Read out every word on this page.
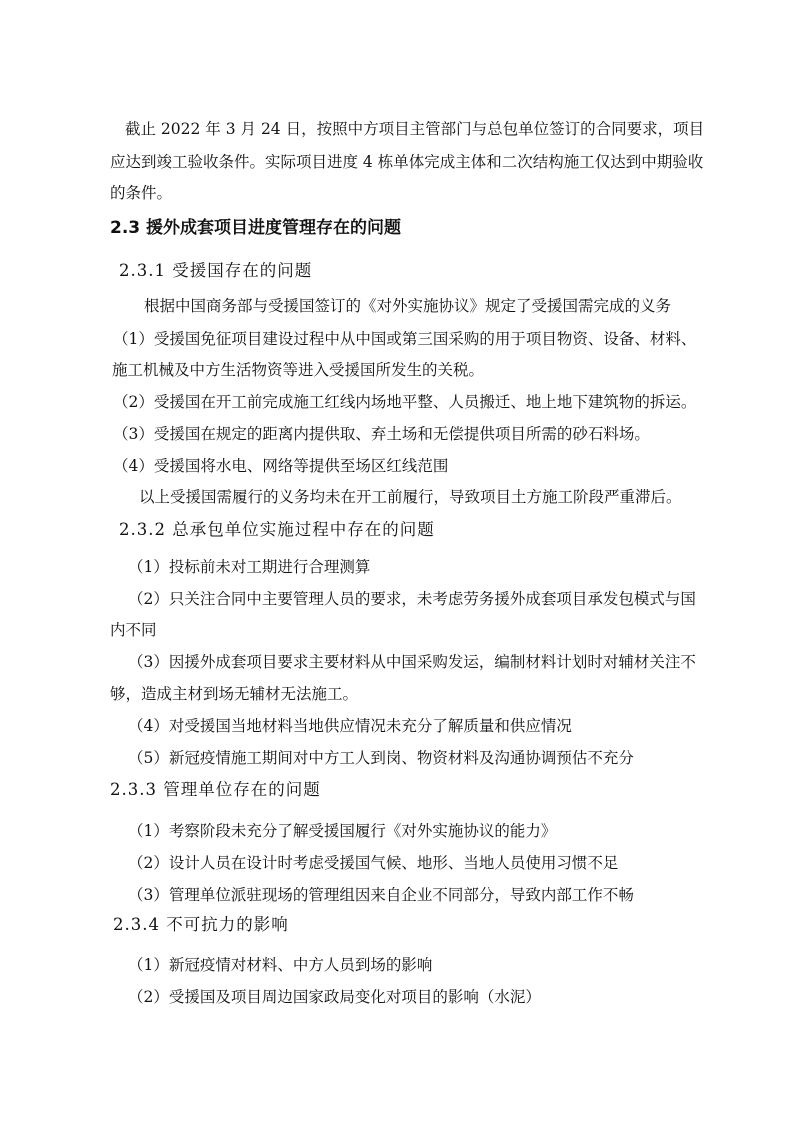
截止 2022 年 3 月 24 日，按照中方项目主管部门与总包单位签订的合同要求，项目
应达到竣工验收条件。实际项目进度 4 栋单体完成主体和二次结构施工仅达到中期验收
的条件。
2.3 援外成套项目进度管理存在的问题
2.3.1 受援国存在的问题
根据中国商务部与受援国签订的《对外实施协议》规定了受援国需完成的义务
（1）受援国免征项目建设过程中从中国或第三国采购的用于项目物资、设备、材料、
施工机械及中方生活物资等进入受援国所发生的关税。
（2）受援国在开工前完成施工红线内场地平整、人员搬迁、地上地下建筑物的拆运。
（3）受援国在规定的距离内提供取、弃土场和无偿提供项目所需的砂石料场。
（4）受援国将水电、网络等提供至场区红线范围
以上受援国需履行的义务均未在开工前履行，导致项目土方施工阶段严重滞后。
2.3.2 总承包单位实施过程中存在的问题
（1）投标前未对工期进行合理测算
（2）只关注合同中主要管理人员的要求，未考虑劳务援外成套项目承发包模式与国
内不同
（3）因援外成套项目要求主要材料从中国采购发运，编制材料计划时对辅材关注不
够，造成主材到场无辅材无法施工。
（4）对受援国当地材料当地供应情况未充分了解质量和供应情况
（5）新冠疫情施工期间对中方工人到岗、物资材料及沟通协调预估不充分
2.3.3 管理单位存在的问题
（1）考察阶段未充分了解受援国履行《对外实施协议的能力》
（2）设计人员在设计时考虑受援国气候、地形、当地人员使用习惯不足
（3）管理单位派驻现场的管理组因来自企业不同部分，导致内部工作不畅
2.3.4 不可抗力的影响
（1）新冠疫情对材料、中方人员到场的影响
（2）受援国及项目周边国家政局变化对项目的影响（水泥）
